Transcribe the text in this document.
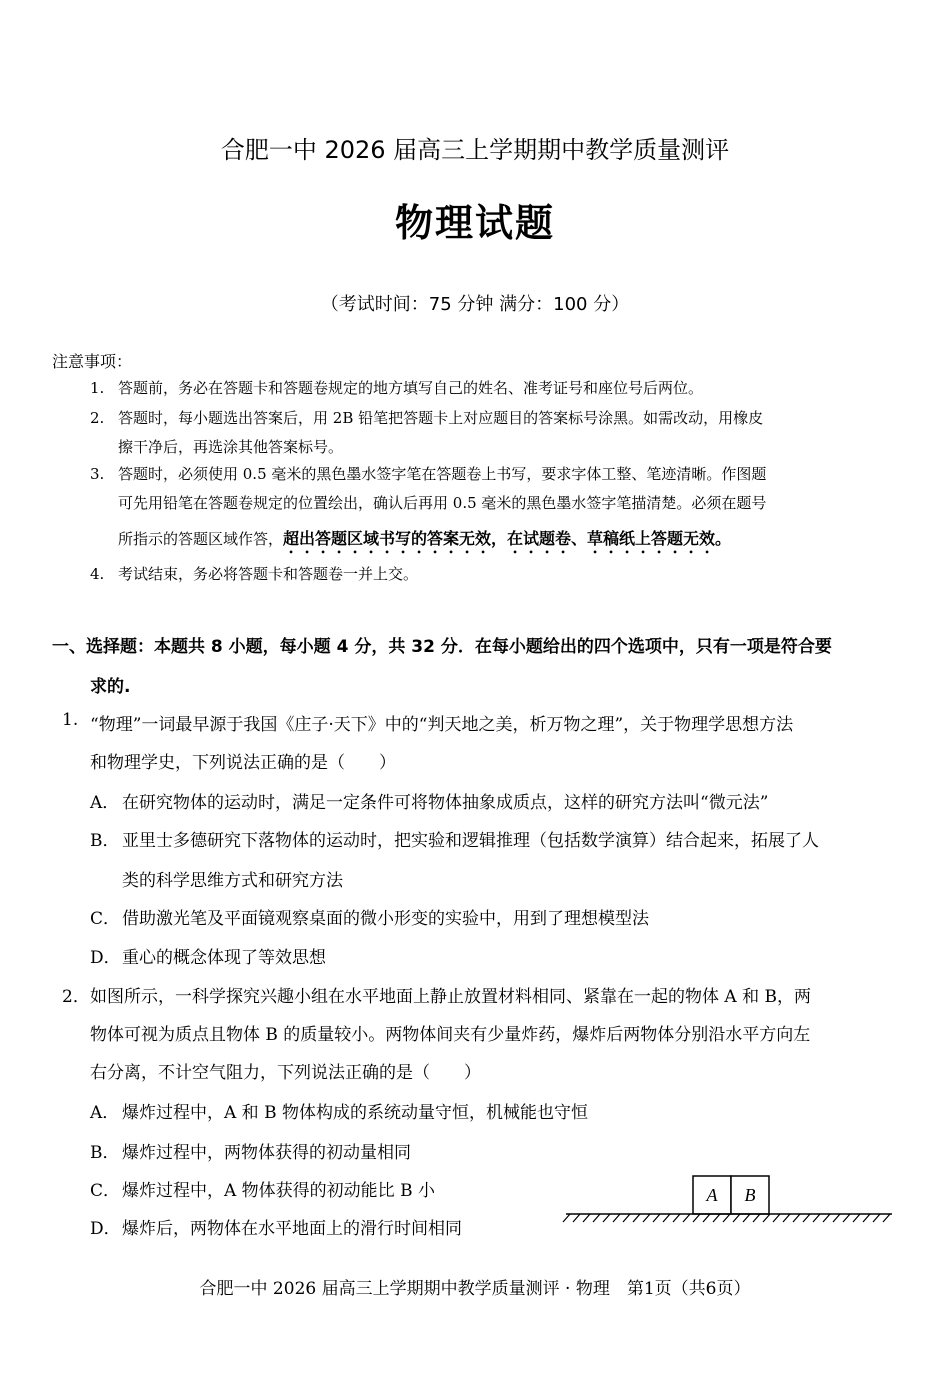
合肥一中 2026 届高三上学期期中教学质量测评
物理试题
（考试时间：75 分钟 满分：100 分）
注意事项：
1. 答题前，务必在答题卡和答题卷规定的地方填写自己的姓名、准考证号和座位号后两位。
2. 答题时，每小题选出答案后，用 2B 铅笔把答题卡上对应题目的答案标号涂黑。如需改动，用橡皮
擦干净后，再选涂其他答案标号。
3. 答题时，必须使用 0.5 毫米的黑色墨水签字笔在答题卷上书写，要求字体工整、笔迹清晰。作图题
可先用铅笔在答题卷规定的位置绘出，确认后再用 0.5 毫米的黑色墨水签字笔描清楚。必须在题号
所指示的答题区域作答，超出答题区域书写的答案无效，在试题卷、草稿纸上答题无效。
4. 考试结束，务必将答题卡和答题卷一并上交。
一、选择题：本题共 8 小题，每小题 4 分，共 32 分．在每小题给出的四个选项中，只有一项是符合要
求的.
1. “物理”一词最早源于我国《庄子·天下》中的“判天地之美，析万物之理”，关于物理学思想方法
和物理学史，下列说法正确的是（　　）
A． 在研究物体的运动时，满足一定条件可将物体抽象成质点，这样的研究方法叫“微元法”
B． 亚里士多德研究下落物体的运动时，把实验和逻辑推理（包括数学演算）结合起来，拓展了人
类的科学思维方式和研究方法
C． 借助激光笔及平面镜观察桌面的微小形变的实验中，用到了理想模型法
D． 重心的概念体现了等效思想
2． 如图所示，一科学探究兴趣小组在水平地面上静止放置材料相同、紧靠在一起的物体 A 和 B，两
物体可视为质点且物体 B 的质量较小。两物体间夹有少量炸药，爆炸后两物体分别沿水平方向左
右分离，不计空气阻力，下列说法正确的是（　　）
A． 爆炸过程中，A 和 B 物体构成的系统动量守恒，机械能也守恒
B． 爆炸过程中，两物体获得的初动量相同
C． 爆炸过程中，A 物体获得的初动能比 B 小
D． 爆炸后，两物体在水平地面上的滑行时间相同
A B
合肥一中 2026 届高三上学期期中教学质量测评 · 物理　第1页（共6页）
